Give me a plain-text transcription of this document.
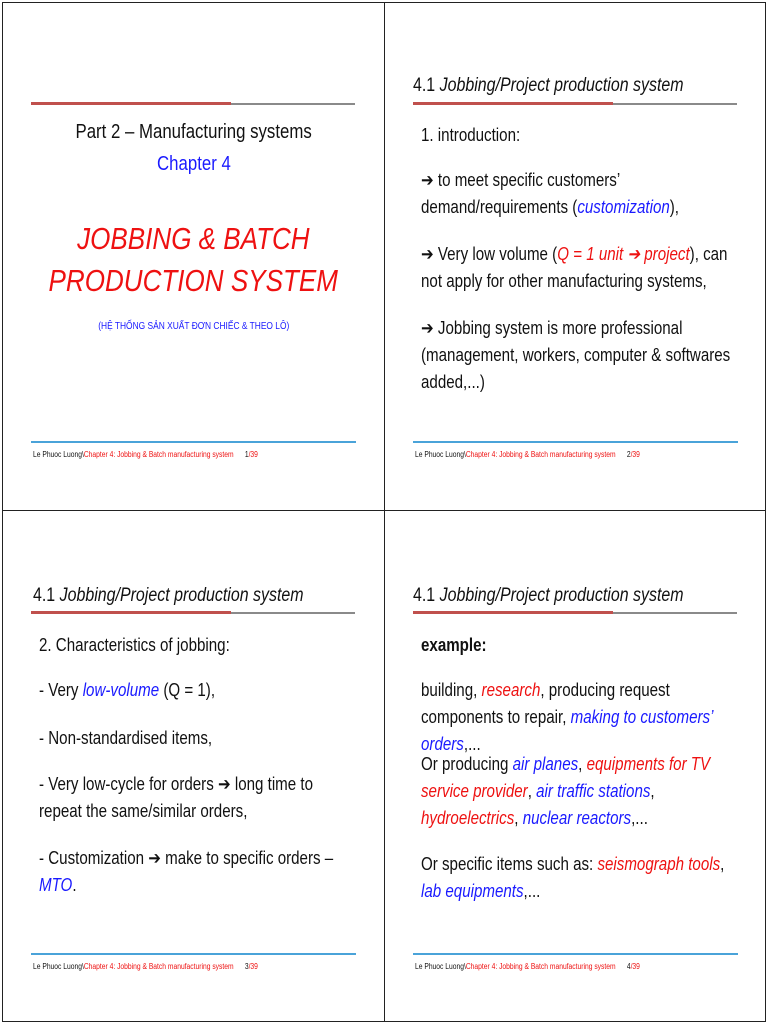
Part 2 – Manufacturing systems
Chapter 4
JOBBING & BATCH
PRODUCTION SYSTEM
(HỆ THỐNG SẢN XUẤT ĐƠN CHIẾC & THEO LÔ)
Le Phuoc Luong\Chapter 4: Jobbing & Batch manufacturing system 1/39
4.1 Jobbing/Project production system
1. introduction:
➔ to meet specific customers’ demand/requirements (customization),
➔ Very low volume (Q = 1 unit ➔ project), can not apply for other manufacturing systems,
➔ Jobbing system is more professional (management, workers, computer & softwares added,...)
Le Phuoc Luong\Chapter 4: Jobbing & Batch manufacturing system 2/39
4.1 Jobbing/Project production system
2. Characteristics of jobbing:
- Very low-volume (Q = 1),
- Non-standardised items,
- Very low-cycle for orders ➔ long time to repeat the same/similar orders,
- Customization ➔ make to specific orders – MTO.
Le Phuoc Luong\Chapter 4: Jobbing & Batch manufacturing system 3/39
4.1 Jobbing/Project production system
example:
building, research, producing request components to repair, making to customers’ orders,...
Or producing air planes, equipments for TV service provider, air traffic stations, hydroelectrics, nuclear reactors,...
Or specific items such as: seismograph tools, lab equipments,...
Le Phuoc Luong\Chapter 4: Jobbing & Batch manufacturing system 4/39
